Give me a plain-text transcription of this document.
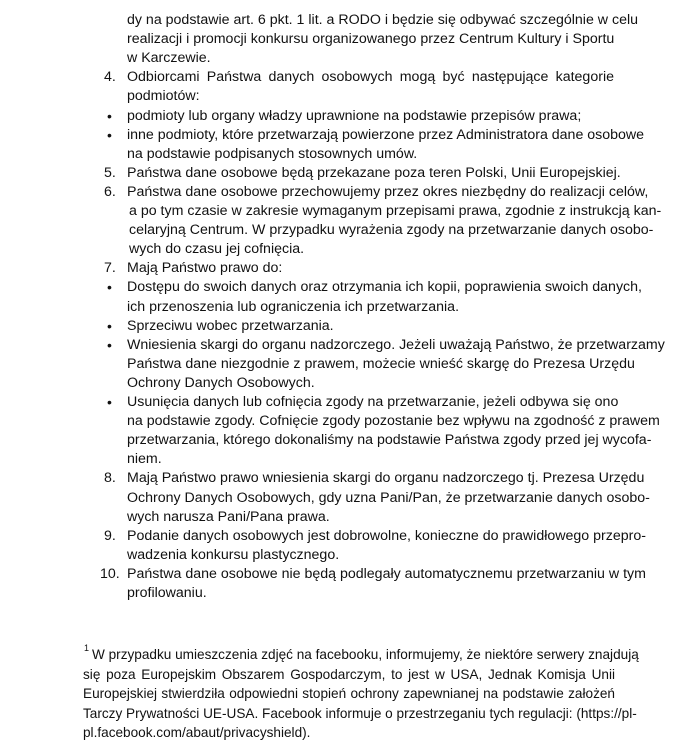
dy na podstawie art. 6 pkt. 1 lit. a RODO i będzie się odbywać szczególnie w celu
realizacji i promocji konkursu organizowanego przez Centrum Kultury i Sportu
w Karczewie.
4. Odbiorcami Państwa danych osobowych mogą być następujące kategorie
podmiotów:
• podmioty lub organy władzy uprawnione na podstawie przepisów prawa;
• inne podmioty, które przetwarzają powierzone przez Administratora dane osobowe
na podstawie podpisanych stosownych umów.
5. Państwa dane osobowe będą przekazane poza teren Polski, Unii Europejskiej.
6. Państwa dane osobowe przechowujemy przez okres niezbędny do realizacji celów,
a po tym czasie w zakresie wymaganym przepisami prawa, zgodnie z instrukcją kan-
celaryjną Centrum. W przypadku wyrażenia zgody na przetwarzanie danych osobo-
wych do czasu jej cofnięcia.
7. Mają Państwo prawo do:
• Dostępu do swoich danych oraz otrzymania ich kopii, poprawienia swoich danych,
ich przenoszenia lub ograniczenia ich przetwarzania.
• Sprzeciwu wobec przetwarzania.
• Wniesienia skargi do organu nadzorczego. Jeżeli uważają Państwo, że przetwarzamy
Państwa dane niezgodnie z prawem, możecie wnieść skargę do Prezesa Urzędu
Ochrony Danych Osobowych.
• Usunięcia danych lub cofnięcia zgody na przetwarzanie, jeżeli odbywa się ono
na podstawie zgody. Cofnięcie zgody pozostanie bez wpływu na zgodność z prawem
przetwarzania, którego dokonaliśmy na podstawie Państwa zgody przed jej wycofa-
niem.
8. Mają Państwo prawo wniesienia skargi do organu nadzorczego tj. Prezesa Urzędu
Ochrony Danych Osobowych, gdy uzna Pani/Pan, że przetwarzanie danych osobo-
wych narusza Pani/Pana prawa.
9. Podanie danych osobowych jest dobrowolne, konieczne do prawidłowego przepro-
wadzenia konkursu plastycznego.
10. Państwa dane osobowe nie będą podlegały automatycznemu przetwarzaniu w tym
profilowaniu.
1 W przypadku umieszczenia zdjęć na facebooku, informujemy, że niektóre serwery znajdują
się poza Europejskim Obszarem Gospodarczym, to jest w USA, Jednak Komisja Unii
Europejskiej stwierdziła odpowiedni stopień ochrony zapewnianej na podstawie założeń
Tarczy Prywatności UE-USA. Facebook informuje o przestrzeganiu tych regulacji: (https://pl-
pl.facebook.com/abaut/privacyshield).
